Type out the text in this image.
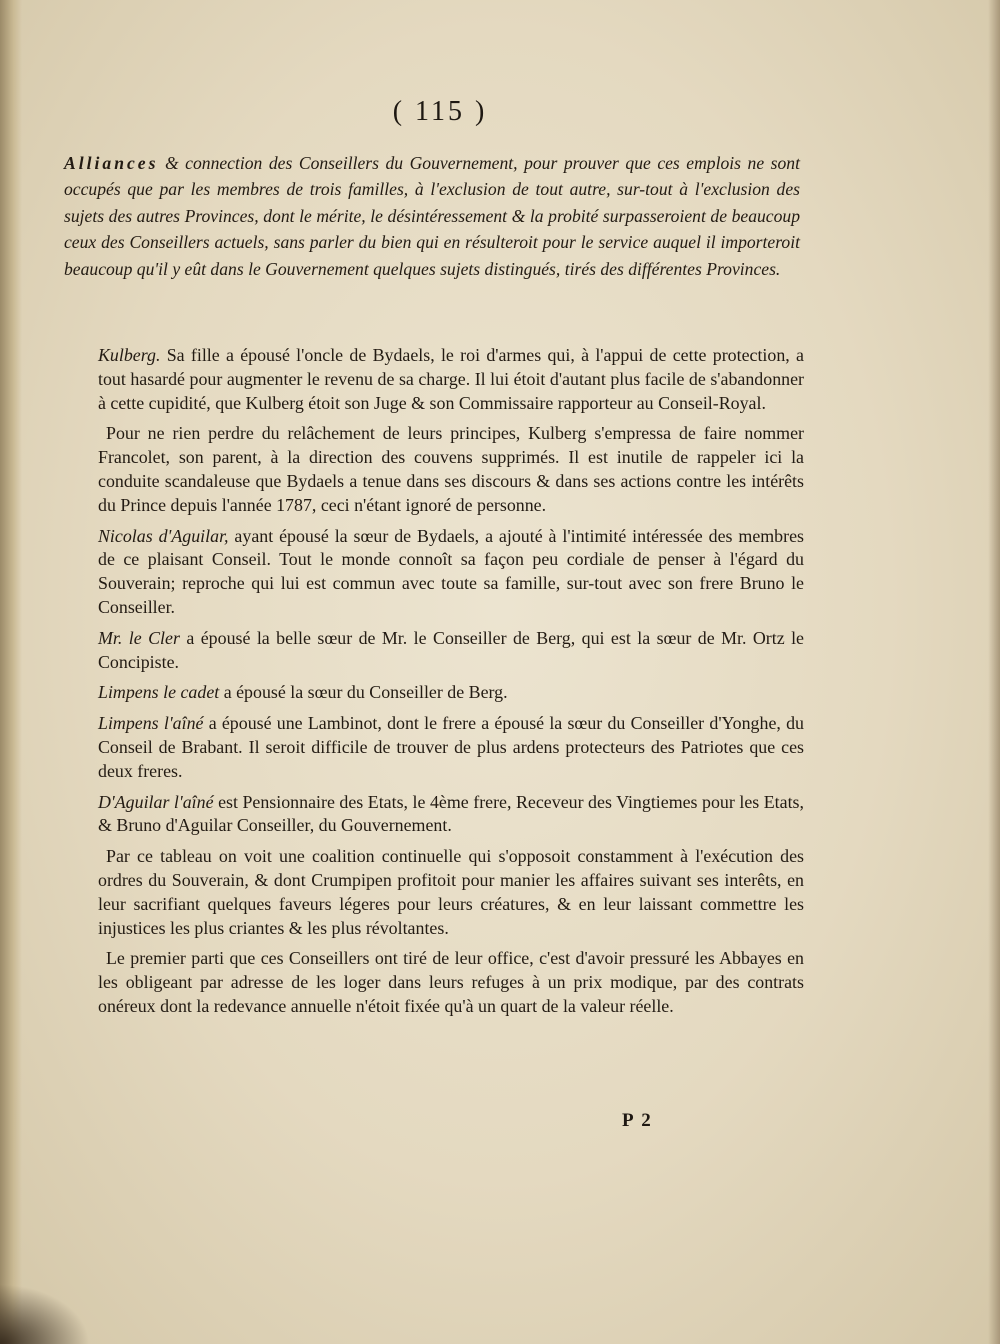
( 115 )
Alliances & connection des Conseillers du Gouvernement, pour prouver que ces emplois ne sont occupés que par les membres de trois familles, à l'exclusion de tout autre, sur-tout à l'exclusion des sujets des autres Provinces, dont le mérite, le désintéressement & la probité surpasseroient de beaucoup ceux des Conseillers actuels, sans parler du bien qui en résulteroit pour le service auquel il importeroit beaucoup qu'il y eût dans le Gouvernement quelques sujets distingués, tirés des différentes Provinces.

Kulberg. Sa fille a épousé l'oncle de Bydaels, le roi d'armes qui, à l'appui de cette protection, a tout hasardé pour augmenter le revenu de sa charge. Il lui étoit d'autant plus facile de s'abandonner à cette cupidité, que Kulberg étoit son Juge & son Commissaire rapporteur au Conseil-Royal.

Pour ne rien perdre du relâchement de leurs principes, Kulberg s'empressa de faire nommer Francolet, son parent, à la direction des couvens supprimés. Il est inutile de rappeler ici la conduite scandaleuse que Bydaels a tenue dans ses discours & dans ses actions contre les intérêts du Prince depuis l'année 1787, ceci n'étant ignoré de personne.

Nicolas d'Aguilar, ayant épousé la sœur de Bydaels, a ajouté à l'intimité intéressée des membres de ce plaisant Conseil. Tout le monde connoît sa façon peu cordiale de penser à l'égard du Souverain; reproche qui lui est commun avec toute sa famille, sur-tout avec son frere Bruno le Conseiller.

Mr. le Cler a épousé la belle sœur de Mr. le Conseiller de Berg, qui est la sœur de Mr. Ortz le Concipiste.

Limpens le cadet a épousé la sœur du Conseiller de Berg.

Limpens l'aîné a épousé une Lambinot, dont le frere a épousé la sœur du Conseiller d'Yonghe, du Conseil de Brabant. Il seroit difficile de trouver de plus ardens protecteurs des Patriotes que ces deux freres.

D'Aguilar l'aîné est Pensionnaire des Etats, le 4ème frere, Receveur des Vingtiemes pour les Etats, & Bruno d'Aguilar Conseiller, du Gouvernement.

Par ce tableau on voit une coalition continuelle qui s'opposoit constamment à l'exécution des ordres du Souverain, & dont Crumpipen profitoit pour manier les affaires suivant ses interêts, en leur sacrifiant quelques faveurs légeres pour leurs créatures, & en leur laissant commettre les injustices les plus criantes & les plus révoltantes.

Le premier parti que ces Conseillers ont tiré de leur office, c'est d'avoir pressuré les Abbayes en les obligeant par adresse de les loger dans leurs refuges à un prix modique, par des contrats onéreux dont la redevance annuelle n'étoit fixée qu'à un quart de la valeur réelle.

P 2
